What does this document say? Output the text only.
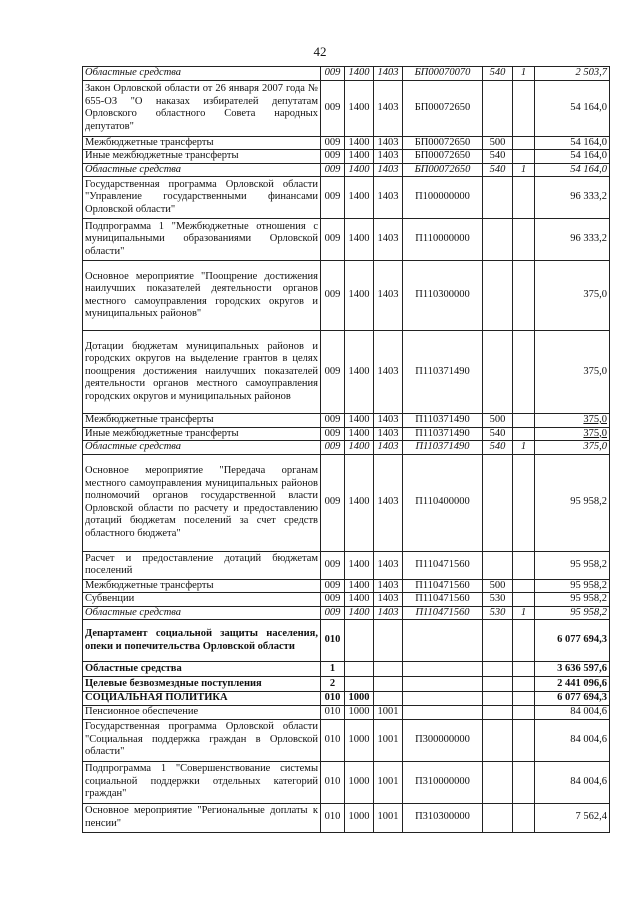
42
Областные средства	009	1400	1403	БП00070070	540	1	2 503,7
Закон Орловской области от 26 января 2007 года № 655-ОЗ "О наказах избирателей депутатам Орловского областного Совета народных депутатов"	009	1400	1403	БП00072650			54 164,0
Межбюджетные трансферты	009	1400	1403	БП00072650	500		54 164,0
Иные межбюджетные трансферты	009	1400	1403	БП00072650	540		54 164,0
Областные средства	009	1400	1403	БП00072650	540	1	54 164,0
Государственная программа Орловской области "Управление государственными финансами Орловской области"	009	1400	1403	П100000000			96 333,2
Подпрограмма 1 "Межбюджетные отношения с муниципальными образованиями Орловской области"	009	1400	1403	П110000000			96 333,2
Основное мероприятие "Поощрение достижения наилучших показателей деятельности органов местного самоуправления городских округов и муниципальных районов"	009	1400	1403	П110300000			375,0
Дотации бюджетам муниципальных районов и городских округов на выделение грантов в целях поощрения достижения наилучших показателей деятельности органов местного самоуправления городских округов и муниципальных районов	009	1400	1403	П110371490			375,0
Межбюджетные трансферты	009	1400	1403	П110371490	500		375,0
Иные межбюджетные трансферты	009	1400	1403	П110371490	540		375,0
Областные средства	009	1400	1403	П110371490	540	1	375,0
Основное мероприятие "Передача органам местного самоуправления муниципальных районов полномочий органов государственной власти Орловской области по расчету и предоставлению дотаций бюджетам поселений за счет средств областного бюджета"	009	1400	1403	П110400000			95 958,2
Расчет и предоставление дотаций бюджетам поселений	009	1400	1403	П110471560			95 958,2
Межбюджетные трансферты	009	1400	1403	П110471560	500		95 958,2
Субвенции	009	1400	1403	П110471560	530		95 958,2
Областные средства	009	1400	1403	П110471560	530	1	95 958,2
Департамент социальной защиты населения, опеки и попечительства Орловской области	010						6 077 694,3
Областные средства	1						3 636 597,6
Целевые безвозмездные поступления	2						2 441 096,6
СОЦИАЛЬНАЯ ПОЛИТИКА	010	1000					6 077 694,3
Пенсионное обеспечение	010	1000	1001				84 004,6
Государственная программа Орловской области "Социальная поддержка граждан в Орловской области"	010	1000	1001	П300000000			84 004,6
Подпрограмма 1 "Совершенствование системы социальной поддержки отдельных категорий граждан"	010	1000	1001	П310000000			84 004,6
Основное мероприятие "Региональные доплаты к пенсии"	010	1000	1001	П310300000			7 562,4
